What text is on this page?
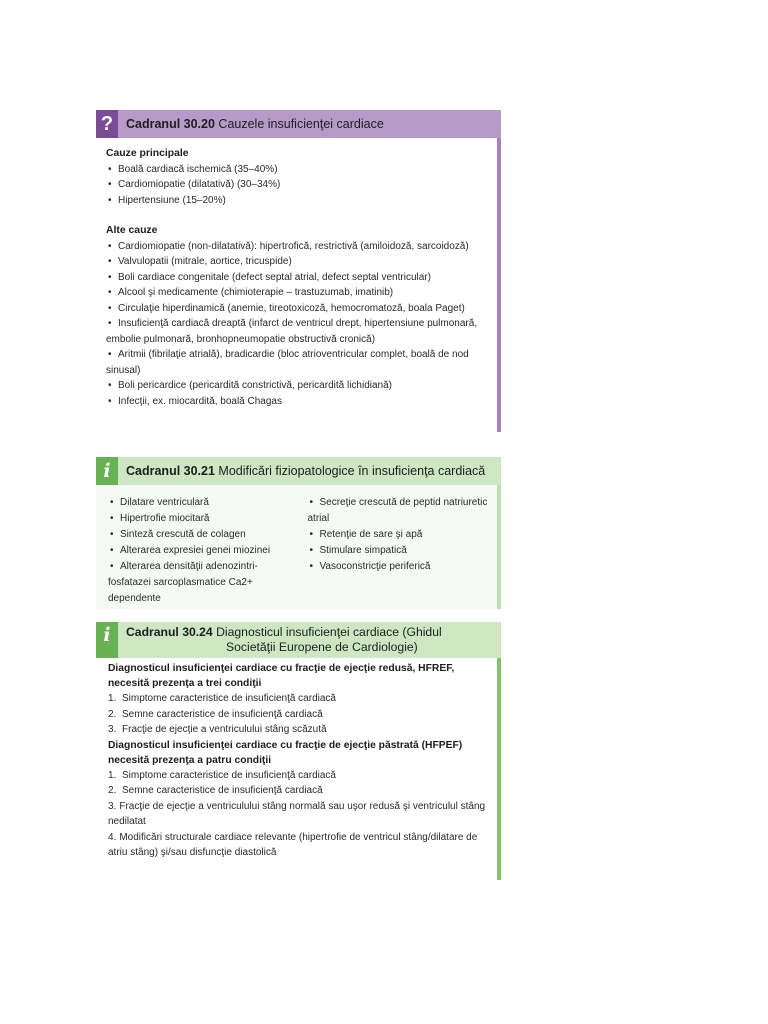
?	Cadranul 30.20 Cauzele insuficienţei cardiace
Cauze principale
• Boală cardiacă ischemică (35–40%)
• Cardiomiopatie (dilatativă) (30–34%)
• Hipertensiune (15–20%)
Alte cauze
• Cardiomiopatie (non-dilatativă): hipertrofică, restrictivă (amiloidoză, sarcoidoză)
• Valvulopatii (mitrale, aortice, tricuspide)
• Boli cardiace congenitale (defect septal atrial, defect septal ventricular)
• Alcool şi medicamente (chimioterapie – trastuzumab, imatinib)
• Circulaţie hiperdinamică (anemie, tireotoxicoză, hemocromatoză, boala Paget)
• Insuficienţă cardiacă dreaptă (infarct de ventricul drept, hipertensiune pulmonară, embolie pulmonară, bronhopneumopatie obstructivă cronică)
• Aritmii (fibrilaţie atrială), bradicardie (bloc atrioventricular complet, boală de nod sinusal)
• Boli pericardice (pericardită constrictivă, pericardită lichidiană)
• Infecţii, ex. miocardită, boală Chagas
i	Cadranul 30.21 Modificări fiziopatologice în insuficienţa cardiacă
• Dilatare ventriculară
• Hipertrofie miocitară
• Sinteză crescută de colagen
• Alterarea expresiei genei miozinei
• Alterarea densităţii adenozintri-fosfatazei sarcoplasmatice Ca2+ dependente
• Secreţie crescută de peptid natriuretic atrial
• Retenţie de sare şi apă
• Stimulare simpatică
• Vasoconstricţie periferică
i	Cadranul 30.24 Diagnosticul insuficienţei cardiace (Ghidul
Societăţii Europene de Cardiologie)
Diagnosticul insuficienţei cardiace cu fracţie de ejecţie redusă, HFREF, necesită prezenţa a trei condiţii
1. Simptome caracteristice de insuficienţă cardiacă
2. Semne caracteristice de insuficienţă cardiacă
3. Fracţie de ejecţie a ventriculului stâng scăzută
Diagnosticul insuficienţei cardiace cu fracţie de ejecţie păstrată (HFPEF) necesită prezenţa a patru condiţii
1. Simptome caracteristice de insuficienţă cardiacă
2. Semne caracteristice de insuficienţă cardiacă
3. Fracţie de ejecţie a ventriculului stâng normală sau uşor redusă şi ventriculul stâng nedilatat
4. Modificări structurale cardiace relevante (hipertrofie de ventricul stâng/dilatare de atriu stâng) şi/sau disfuncţie diastolică
